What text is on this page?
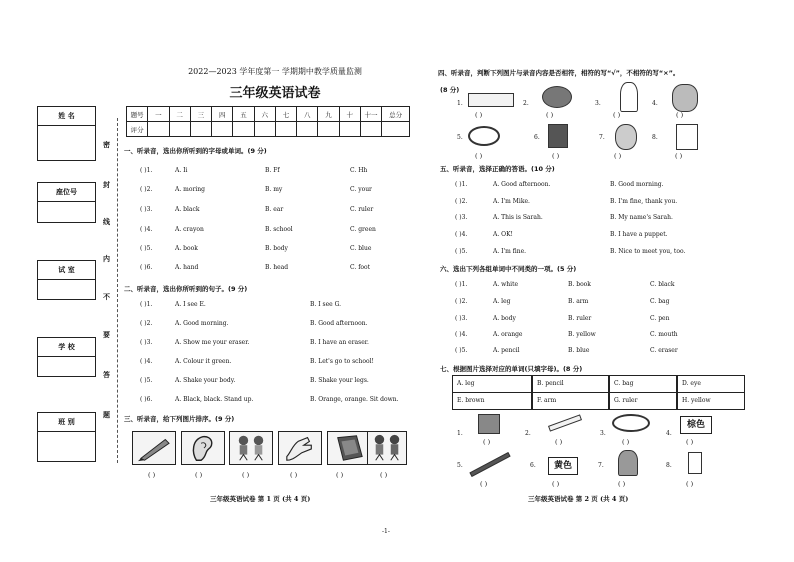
姓 名
座位号
试 室
学 校
班 别
密
封
线
内
不
要
答
题
2022—2023 学年度第一 学期期中教学质量监测
三年级英语试卷
题号	一	二	三	四	五	六	七	八	九	十	十一	总分
评分												
一、听录音，选出你所听到的字母或单词。(9 分)
( )1.	A. Ii	B. Ff	C. Hh
( )2.	A. moring	B. my	C. your
( )3.	A. black	B. ear	C. ruler
( )4.	A. crayon	B. school	C. green
( )5.	A. book	B. body	C. blue
( )6.	A. hand	B. head	C. foot
二、听录音，选出你所听到的句子。(9 分)
( )1.	A. I see E.	B. I see G.
( )2.	A. Good morning.	B. Good afternoon.
( )3.	A. Show me your eraser.	B. I have an eraser.
( )4.	A. Colour it green.	B. Let's go to school!
( )5.	A. Shake your body.	B. Shake your legs.
( )6.	A. Black, black. Stand up.	B. Orange, orange. Sit down.
三、听录音，给下列图片排序。(9 分)
( )	( )	( )	( )	( )	( )
三年级英语试卷 第 1 页 (共 4 页)
四、听录音，判断下列图片与录音内容是否相符，相符的写“√”，不相符的写“×”。
(8 分)
1.	2.	3.	4.
( )	( )	( )	( )
5.	6.	7.	8.
( )	( )	( )	( )
五、听录音，选择正确的答语。(10 分)
( )1.	A. Good afternoon.	B. Good morning.
( )2.	A. I'm Mike.	B. I'm fine, thank you.
( )3.	A. This is Sarah.	B. My name's Sarah.
( )4.	A. OK!	B. I have a puppet.
( )5.	A. I'm fine.	B. Nice to meet you, too.
六、选出下列各组单词中不同类的一项。(5 分)
( )1.	A. white	B. book	C. black
( )2.	A. leg	B. arm	C. bag
( )3.	A. body	B. ruler	C. pen
( )4.	A. orange	B. yellow	C. mouth
( )5.	A. pencil	B. blue	C. eraser
七、根据图片选择对应的单词(只填字母)。(8 分)
A. leg	B. pencil	C. bag	D. eye
E. brown	F. arm	G. ruler	H. yellow
1.	2.	3.	4.
棕色
( )	( )	( )	( )
5.	6.	黄色	7.	8.
( )	( )	( )	( )
三年级英语试卷 第 2 页 (共 4 页)
-1-
